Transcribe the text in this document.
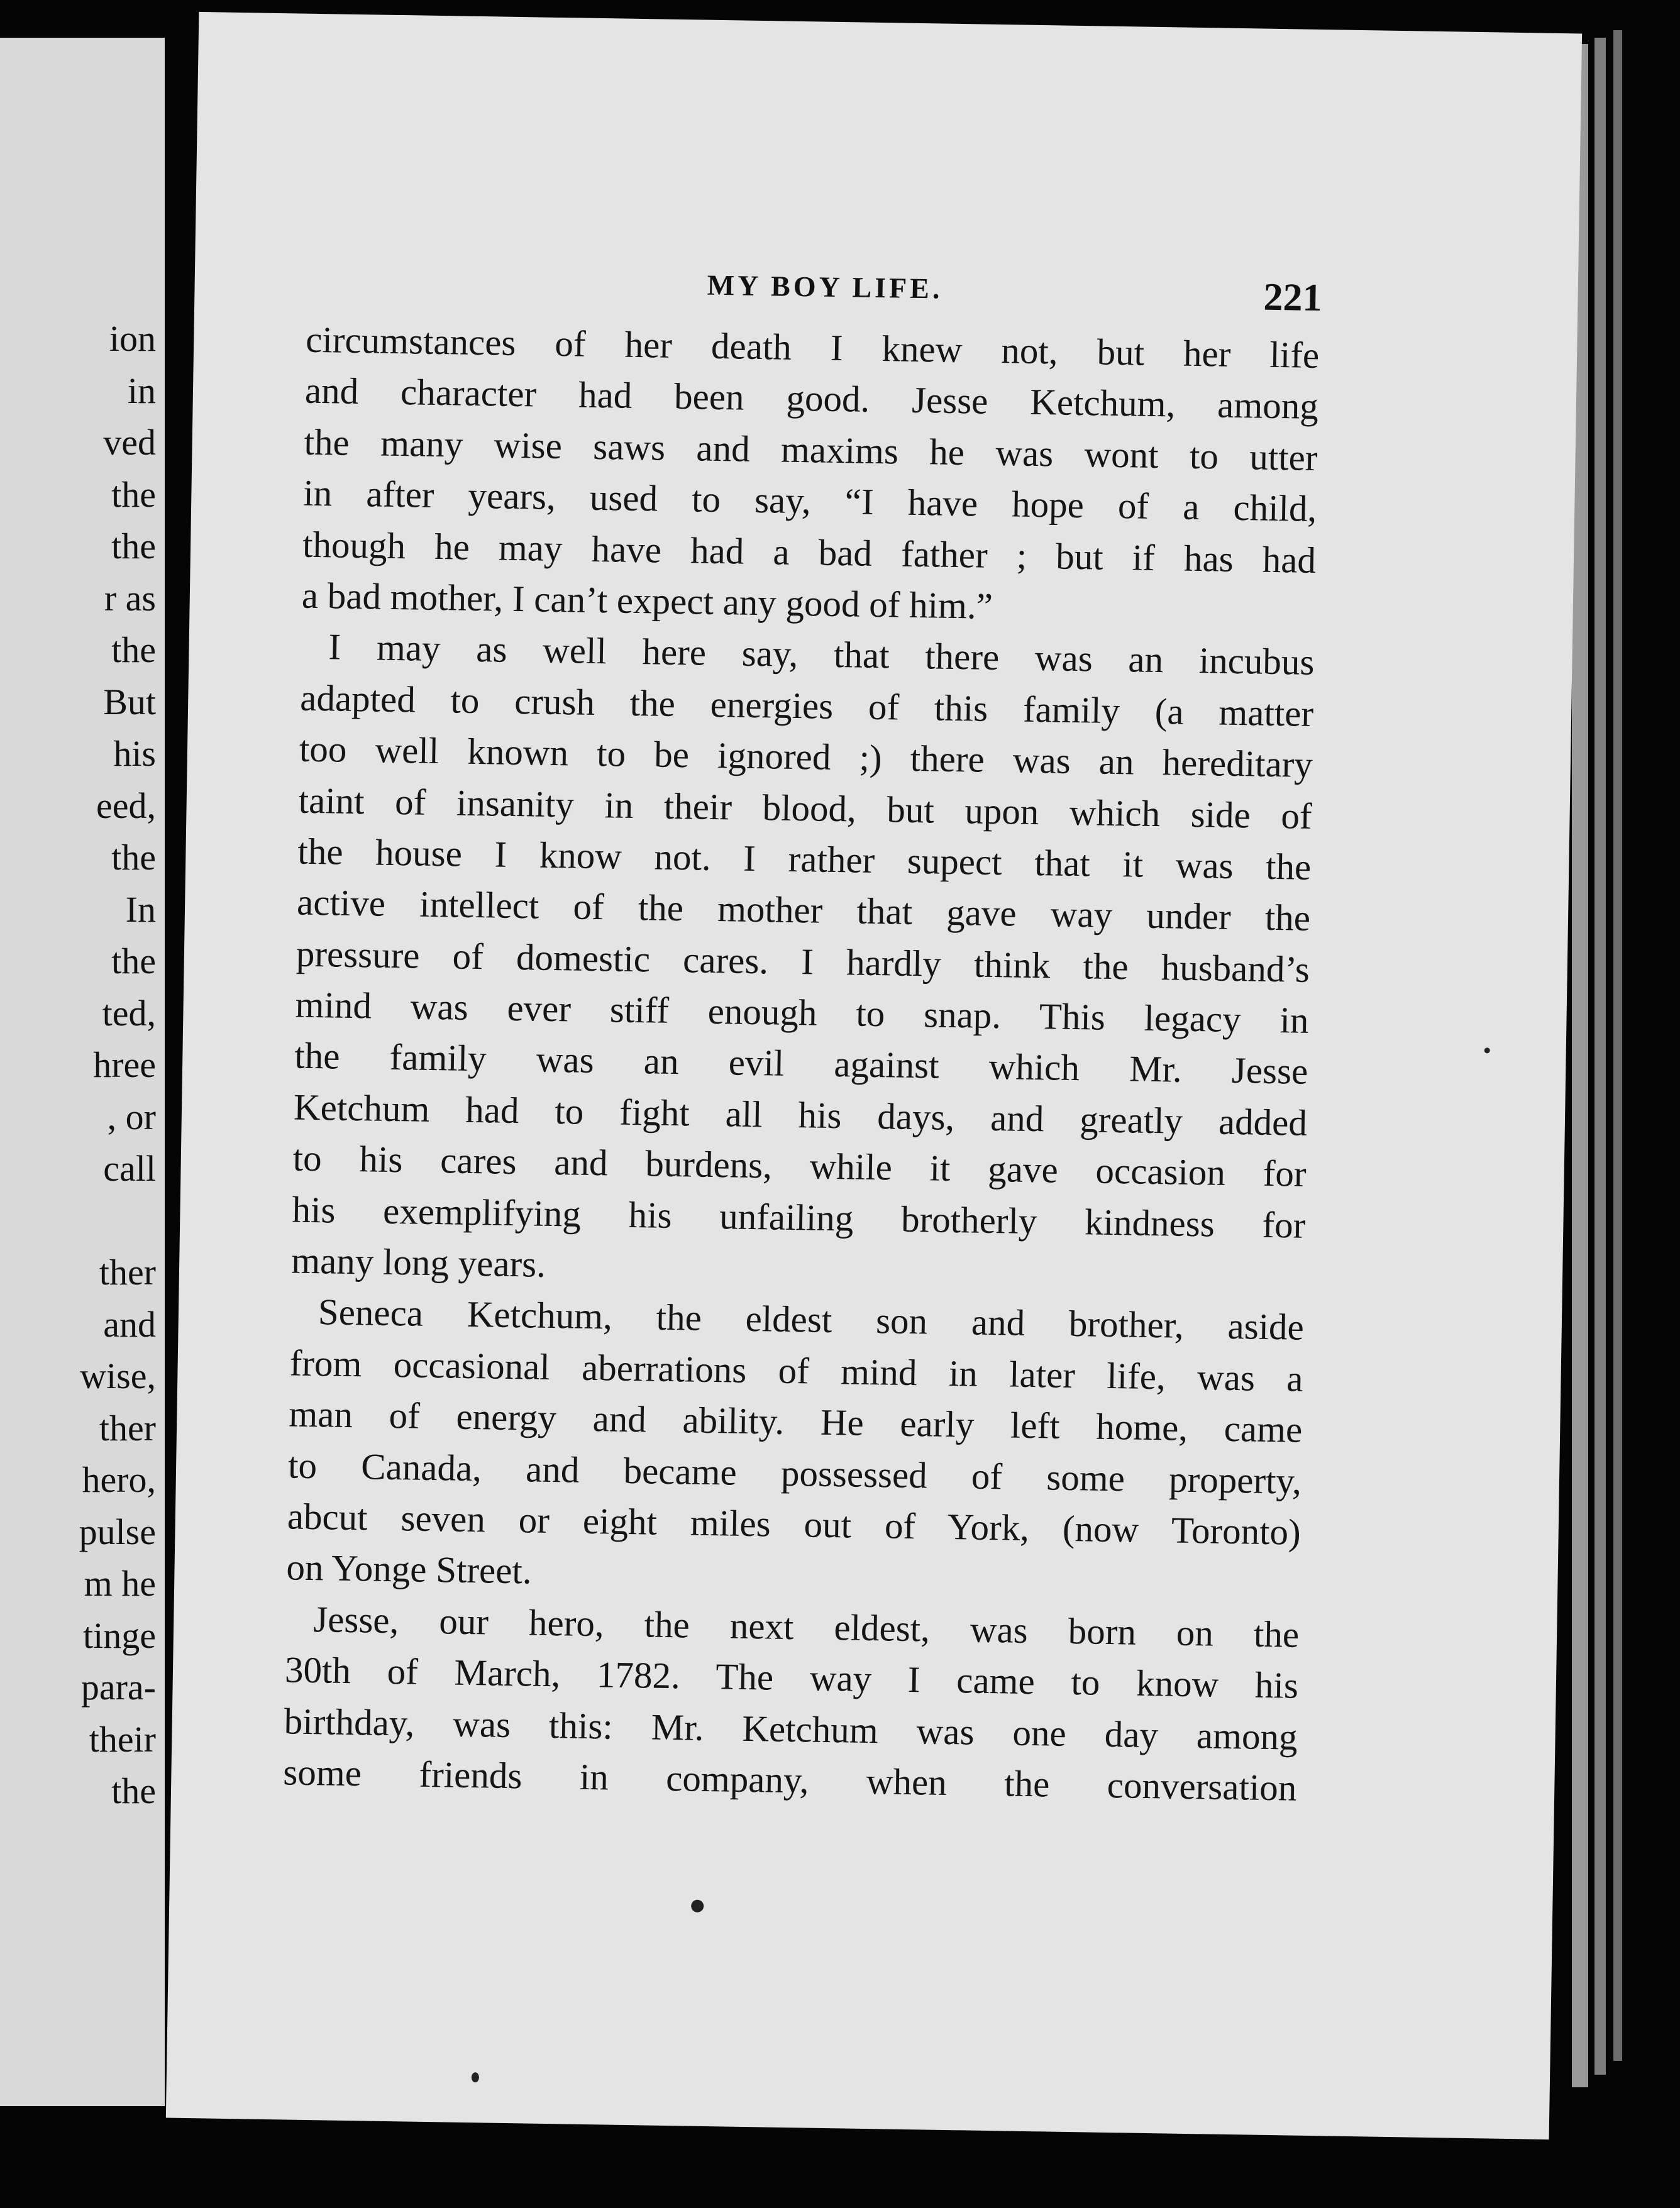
ion
in
ved
the
the
r as
the
But
his
eed,
the
In
the
ted,
hree
, or
call
ther
and
wise,
ther
hero,
pulse
m he
tinge
para-
their
the
MY BOY LIFE.	221
circumstances of her death I knew not, but her life
and character had been good. Jesse Ketchum, among
the many wise saws and maxims he was wont to utter
in after years, used to say, “I have hope of a child,
though he may have had a bad father ; but if has had
a bad mother, I can’t expect any good of him.”
I may as well here say, that there was an incubus
adapted to crush the energies of this family (a matter
too well known to be ignored ;) there was an hereditary
taint of insanity in their blood, but upon which side of
the house I know not. I rather supect that it was the
active intellect of the mother that gave way under the
pressure of domestic cares. I hardly think the husband’s
mind was ever stiff enough to snap. This legacy in
the family was an evil against which Mr. Jesse
Ketchum had to fight all his days, and greatly added
to his cares and burdens, while it gave occasion for
his exemplifying his unfailing brotherly kindness for
many long years.
Seneca Ketchum, the eldest son and brother, aside
from occasional aberrations of mind in later life, was a
man of energy and ability. He early left home, came
to Canada, and became possessed of some property,
abcut seven or eight miles out of York, (now Toronto)
on Yonge Street.
Jesse, our hero, the next eldest, was born on the
30th of March, 1782. The way I came to know his
birthday, was this: Mr. Ketchum was one day among
some friends in company, when the conversation
